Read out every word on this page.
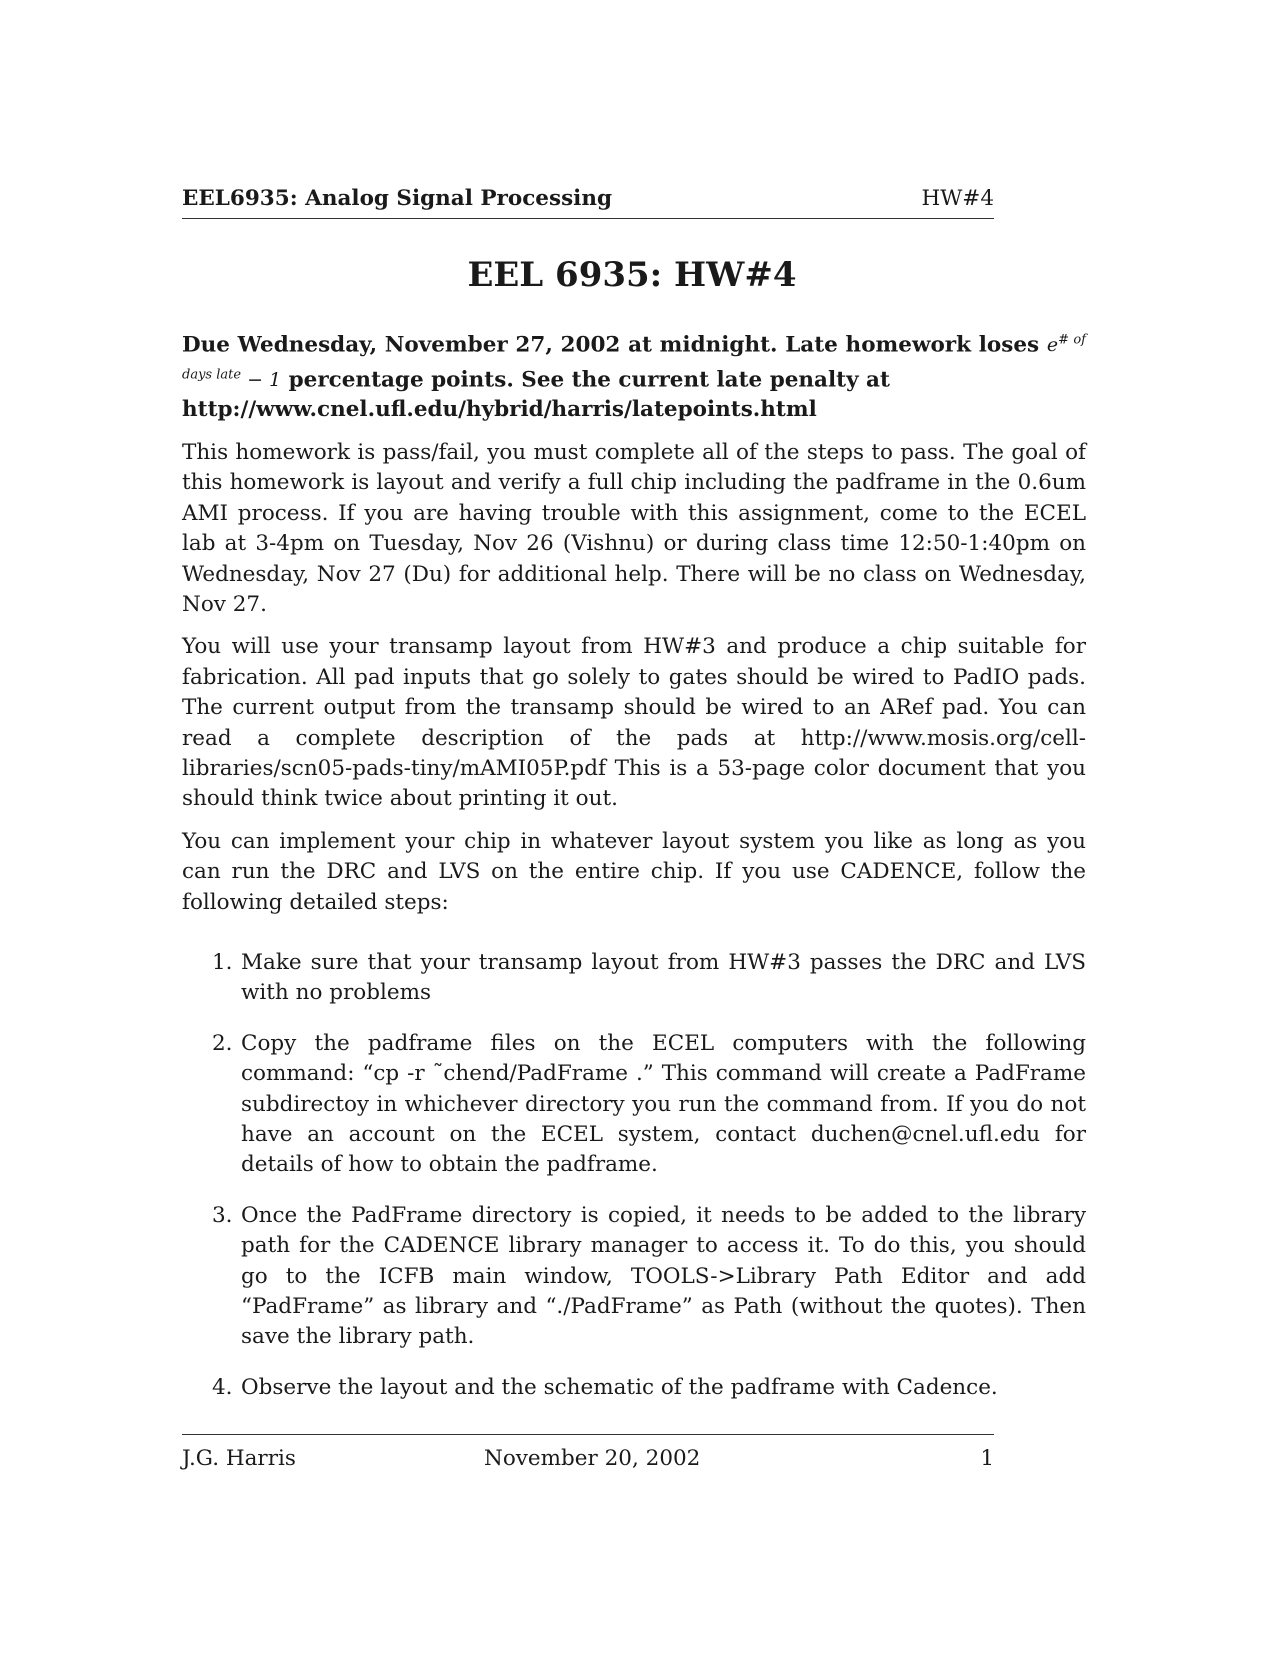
EEL6935: Analog Signal Processing	HW#4
EEL 6935: HW#4

Due Wednesday, November 27, 2002 at midnight. Late homework loses $e^{\# of days late} - 1$ percentage points. See the current late penalty at
http://www.cnel.ufl.edu/hybrid/harris/latepoints.html

This homework is pass/fail, you must complete all of the steps to pass. The goal of this homework is layout and verify a full chip including the padframe in the 0.6um AMI process. If you are having trouble with this assignment, come to the ECEL lab at 3-4pm on Tuesday, Nov 26 (Vishnu) or during class time 12:50-1:40pm on Wednesday, Nov 27 (Du) for additional help. There will be no class on Wednesday, Nov 27.

You will use your transamp layout from HW#3 and produce a chip suitable for fabrication. All pad inputs that go solely to gates should be wired to PadIO pads. The current output from the transamp should be wired to an ARef pad. You can read a complete description of the pads at http://www.mosis.org/cell-libraries/scn05-pads-tiny/mAMI05P.pdf This is a 53-page color document that you should think twice about printing it out.

You can implement your chip in whatever layout system you like as long as you can run the DRC and LVS on the entire chip. If you use CADENCE, follow the following detailed steps:

1. Make sure that your transamp layout from HW#3 passes the DRC and LVS with no problems
2. Copy the padframe files on the ECEL computers with the following command: “cp -r ˜chend/PadFrame .” This command will create a PadFrame subdirectoy in whichever directory you run the command from. If you do not have an account on the ECEL system, contact duchen@cnel.ufl.edu for details of how to obtain the padframe.
3. Once the PadFrame directory is copied, it needs to be added to the library path for the CADENCE library manager to access it. To do this, you should go to the ICFB main window, TOOLS->Library Path Editor and add “PadFrame” as library and “./PadFrame” as Path (without the quotes). Then save the library path.
4. Observe the layout and the schematic of the padframe with Cadence.
J.G. Harris	November 20, 2002	1
